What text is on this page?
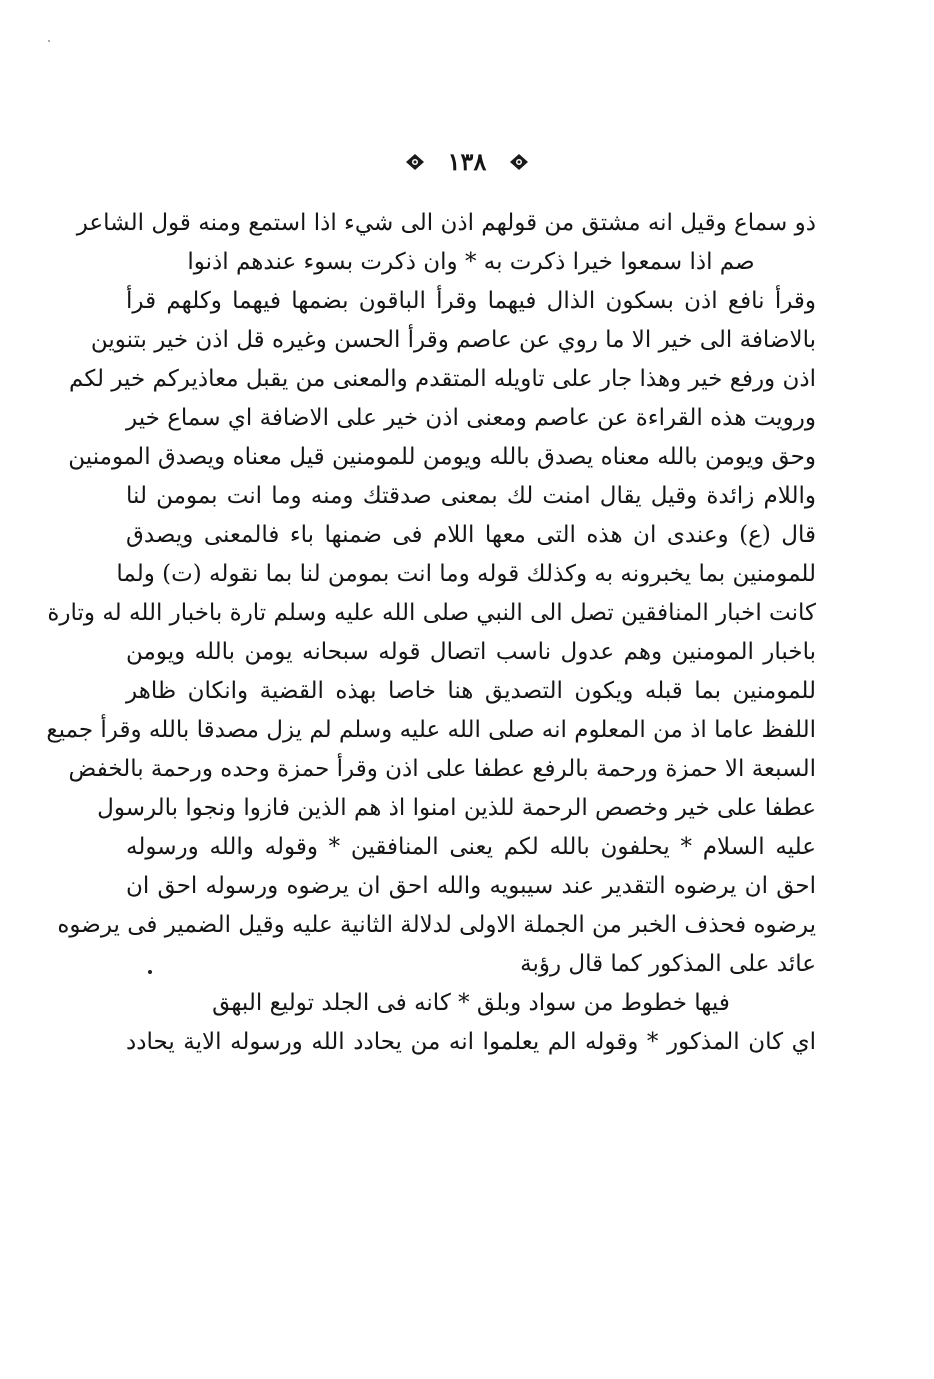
١٣٨
ذو سماع وقيل انه مشتق من قولهم اذن الى شيء اذا استمع ومنه قول الشاعر
صم اذا سمعوا خيرا ذكرت به * وان ذكرت بسوء عندهم اذنوا
وقرأ نافع اذن بسكون الذال فيهما وقرأ الباقون بضمها فيهما وكلهم قرأ
بالاضافة الى خير الا ما روي عن عاصم وقرأ الحسن وغيره قل اذن خير بتنوين
اذن ورفع خير وهذا جار على تاويله المتقدم والمعنى من يقبل معاذيركم خير لكم
ورويت هذه القراءة عن عاصم ومعنى اذن خير على الاضافة اي سماع خير
وحق ويومن بالله معناه يصدق بالله ويومن للمومنين قيل معناه ويصدق المومنين
واللام زائدة وقيل يقال امنت لك بمعنى صدقتك ومنه وما انت بمومن لنا
قال (ع) وعندى ان هذه التى معها اللام فى ضمنها باء فالمعنى ويصدق
للمومنين بما يخبرونه به وكذلك قوله وما انت بمومن لنا بما نقوله (ت) ولما
كانت اخبار المنافقين تصل الى النبي صلى الله عليه وسلم تارة باخبار الله له وتارة
باخبار المومنين وهم عدول ناسب اتصال قوله سبحانه يومن بالله ويومن
للمومنين بما قبله ويكون التصديق هنا خاصا بهذه القضية وانكان ظاهر
اللفظ عاما اذ من المعلوم انه صلى الله عليه وسلم لم يزل مصدقا بالله وقرأ جميع
السبعة الا حمزة ورحمة بالرفع عطفا على اذن وقرأ حمزة وحده ورحمة بالخفض
عطفا على خير وخصص الرحمة للذين امنوا اذ هم الذين فازوا ونجوا بالرسول
عليه السلام * يحلفون بالله لكم يعنى المنافقين * وقوله والله ورسوله
احق ان يرضوه التقدير عند سيبويه والله احق ان يرضوه ورسوله احق ان
يرضوه فحذف الخبر من الجملة الاولى لدلالة الثانية عليه وقيل الضمير فى يرضوه
عائد على المذكور كما قال رؤبة
فيها خطوط من سواد وبلق * كانه فى الجلد توليع البهق
اي كان المذكور * وقوله الم يعلموا انه من يحادد الله ورسوله الاية يحادد
